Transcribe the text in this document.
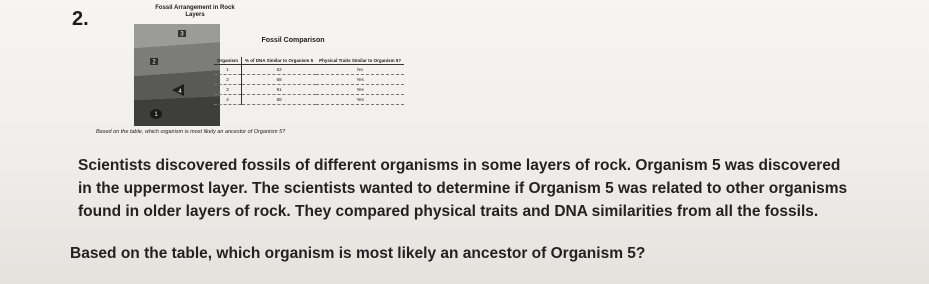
2.	Fossil Arrangement in Rock Layers
3
2
4
1
Fossil Comparison
Organism	% of DNA Similar to Organism 5	Physical Traits Similar to Organism 5?
1	62	No
2	68	Yes
3	91	Yes
4	88	Yes
Based on the table, which organism is most likely an ancestor of Organism 5?
Scientists discovered fossils of different organisms in some layers of rock. Organism 5 was discovered
in the uppermost layer. The scientists wanted to determine if Organism 5 was related to other organisms
found in older layers of rock. They compared physical traits and DNA similarities from all the fossils.
Based on the table, which organism is most likely an ancestor of Organism 5?
